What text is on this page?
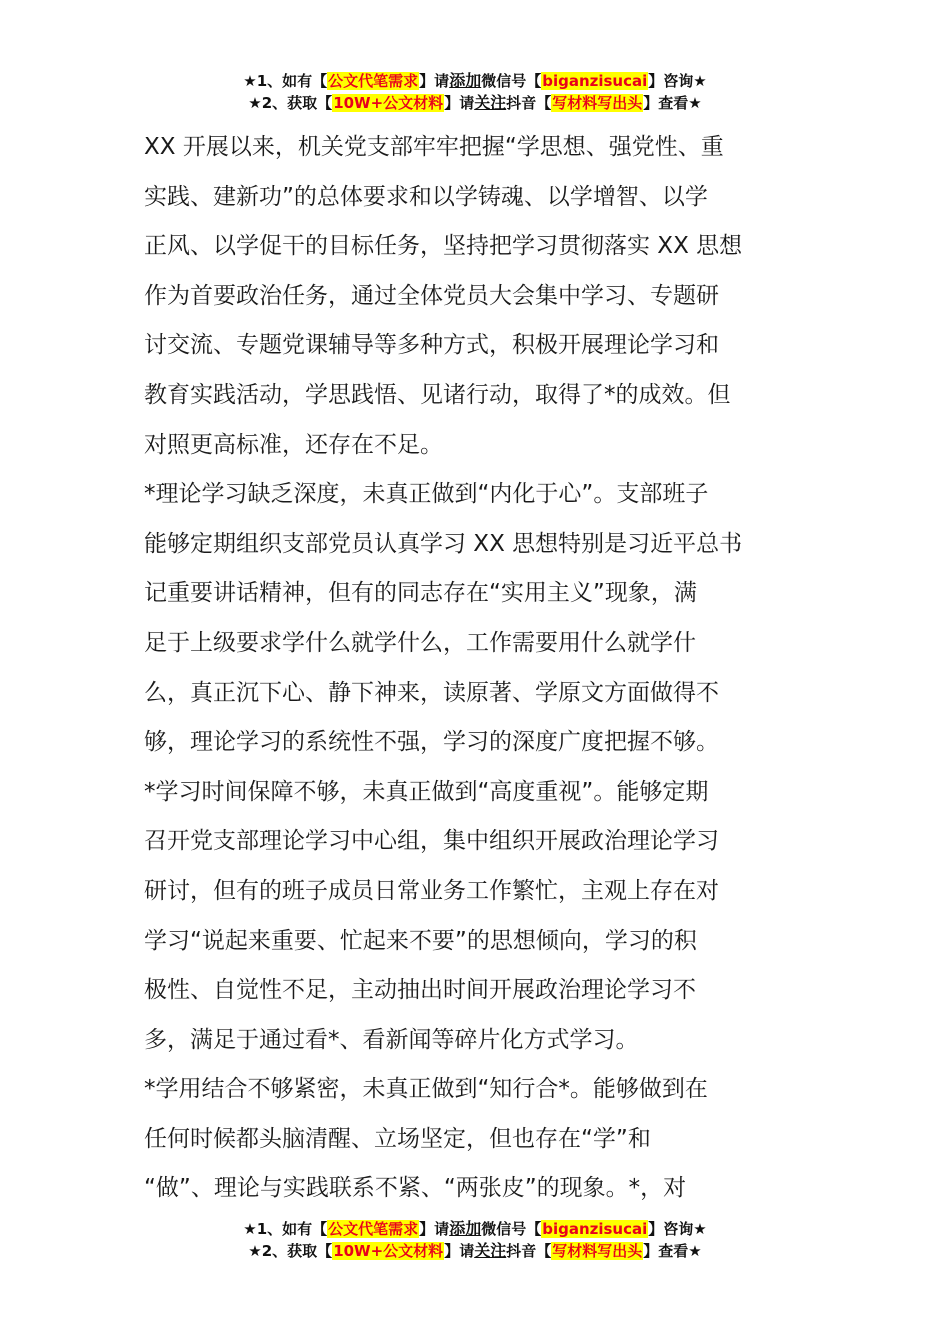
★1、如有【公文代笔需求】请添加微信号【biganzisucai】咨询★
★2、获取【10W+公文材料】请关注抖音【写材料写出头】查看★
XX 开展以来，机关党支部牢牢把握“学思想、强党性、重
实践、建新功”的总体要求和以学铸魂、以学增智、以学
正风、以学促干的目标任务，坚持把学习贯彻落实 XX 思想
作为首要政治任务，通过全体党员大会集中学习、专题研
讨交流、专题党课辅导等多种方式，积极开展理论学习和
教育实践活动，学思践悟、见诸行动，取得了*的成效。但
对照更高标准，还存在不足。
*理论学习缺乏深度，未真正做到“内化于心”。支部班子
能够定期组织支部党员认真学习 XX 思想特别是习近平总书
记重要讲话精神，但有的同志存在“实用主义”现象，满
足于上级要求学什么就学什么，工作需要用什么就学什
么，真正沉下心、静下神来，读原著、学原文方面做得不
够，理论学习的系统性不强，学习的深度广度把握不够。
*学习时间保障不够，未真正做到“高度重视”。能够定期
召开党支部理论学习中心组，集中组织开展政治理论学习
研讨，但有的班子成员日常业务工作繁忙，主观上存在对
学习“说起来重要、忙起来不要”的思想倾向，学习的积
极性、自觉性不足，主动抽出时间开展政治理论学习不
多，满足于通过看*、看新闻等碎片化方式学习。
*学用结合不够紧密，未真正做到“知行合*。能够做到在
任何时候都头脑清醒、立场坚定，但也存在“学”和
“做”、理论与实践联系不紧、“两张皮”的现象。*，对
★1、如有【公文代笔需求】请添加微信号【biganzisucai】咨询★
★2、获取【10W+公文材料】请关注抖音【写材料写出头】查看★
